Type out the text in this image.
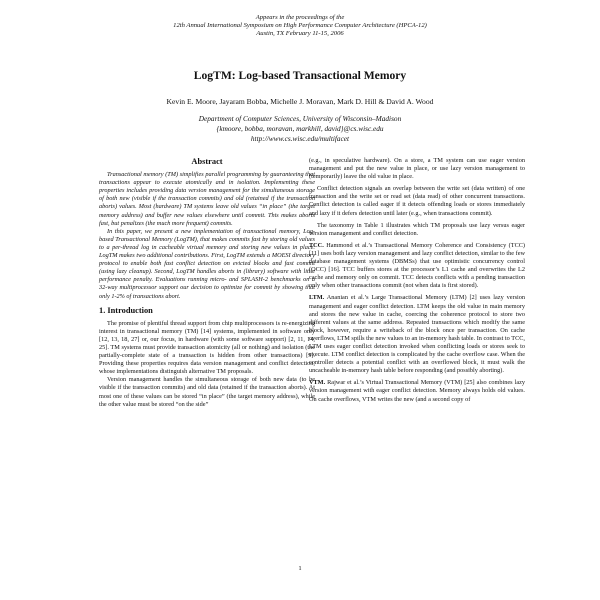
Appears in the proceedings of the
12th Annual International Symposium on High Performance Computer Architecture (HPCA-12)
Austin, TX February 11-15, 2006
LogTM: Log-based Transactional Memory
Kevin E. Moore, Jayaram Bobba, Michelle J. Moravan, Mark D. Hill & David A. Wood
Department of Computer Sciences, University of Wisconsin–Madison
{kmoore, bobba, moravan, markhill, david}@cs.wisc.edu
http://www.cs.wisc.edu/multifacet
Abstract

Transactional memory (TM) simplifies parallel programming by guaranteeing that transactions appear to execute atomically and in isolation. Implementing these properties includes providing data version management for the simultaneous storage of both new (visible if the transaction commits) and old (retained if the transaction aborts) values. Most (hardware) TM systems leave old values “in place” (the target memory address) and buffer new values elsewhere until commit. This makes aborts fast, but penalizes (the much more frequent) commits.

In this paper, we present a new implementation of transactional memory, Log-based Transactional Memory (LogTM), that makes commits fast by storing old values to a per-thread log in cacheable virtual memory and storing new values in place. LogTM makes two additional contributions. First, LogTM extends a MOESI directory protocol to enable both fast conflict detection on evicted blocks and fast commit (using lazy cleanup). Second, LogTM handles aborts in (library) software with little performance penalty. Evaluations running micro- and SPLASH-2 benchmarks on a 32-way multiprocessor support our decision to optimize for commit by showing that only 1-2% of transactions abort.

1. Introduction

The promise of plentiful thread support from chip multiprocessors is re-energizing interest in transactional memory (TM) [14] systems, implemented in software only [12, 13, 18, 27] or, our focus, in hardware (with some software support) [2, 11, 14, 25]. TM systems must provide transaction atomicity (all or nothing) and isolation (the partially-complete state of a transaction is hidden from other transactions) [9]. Providing these properties requires data version management and conflict detection, whose implementations distinguish alternative TM proposals.

Version management handles the simultaneous storage of both new data (to be visible if the transaction commits) and old data (retained if the transaction aborts). At most one of these values can be stored “in place” (the target memory address), while the other value must be stored “on the side”

(e.g., in speculative hardware). On a store, a TM system can use eager version management and put the new value in place, or use lazy version management to (temporarily) leave the old value in place.

Conflict detection signals an overlap between the write set (data written) of one transaction and the write set or read set (data read) of other concurrent transactions. Conflict detection is called eager if it detects offending loads or stores immediately and lazy if it defers detection until later (e.g., when transactions commit).

The taxonomy in Table 1 illustrates which TM proposals use lazy versus eager version management and conflict detection.

TCC. Hammond et al.’s Transactional Memory Coherence and Consistency (TCC) [11] uses both lazy version management and lazy conflict detection, similar to the few database management systems (DBMSs) that use optimistic concurrency control (OCC) [16]. TCC buffers stores at the processor’s L1 cache and overwrites the L2 cache and memory only on commit. TCC detects conflicts with a pending transaction only when other transactions commit (not when data is first stored).

LTM. Ananian et al.’s Large Transactional Memory (LTM) [2] uses lazy version management and eager conflict detection. LTM keeps the old value in main memory and stores the new value in cache, coercing the coherence protocol to store two different values at the same address. Repeated transactions which modify the same block, however, require a writeback of the block once per transaction. On cache overflows, LTM spills the new values to an in-memory hash table. In contrast to TCC, LTM uses eager conflict detection invoked when conflicting loads or stores seek to execute. LTM conflict detection is complicated by the cache overflow case. When the controller detects a potential conflict with an overflowed block, it must walk the uncacheable in-memory hash table before responding (and possibly aborting).

VTM. Rajwar et al.’s Virtual Transactional Memory (VTM) [25] also combines lazy version management with eager conflict detection. Memory always holds old values. On cache overflows, VTM writes the new (and a second copy of

1
